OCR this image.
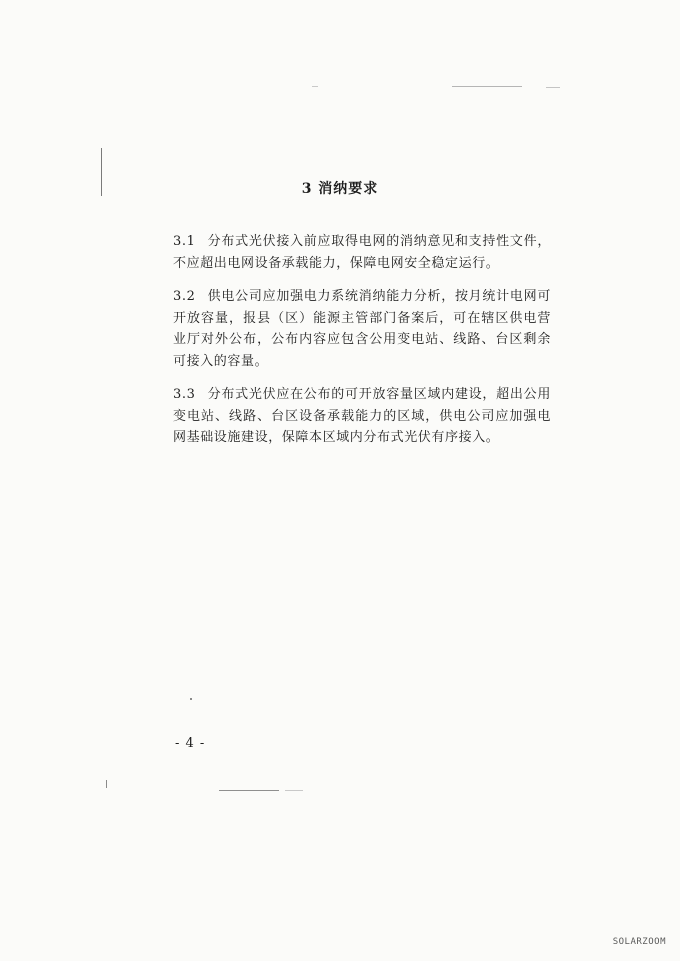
3 消纳要求
3.1 分布式光伏接入前应取得电网的消纳意见和支持性文件，不应超出电网设备承载能力，保障电网安全稳定运行。
3.2 供电公司应加强电力系统消纳能力分析，按月统计电网可开放容量，报县（区）能源主管部门备案后，可在辖区供电营业厅对外公布，公布内容应包含公用变电站、线路、台区剩余可接入的容量。
3.3 分布式光伏应在公布的可开放容量区域内建设，超出公用变电站、线路、台区设备承载能力的区域，供电公司应加强电网基础设施建设，保障本区域内分布式光伏有序接入。
- 4 -
SOLARZOOM
